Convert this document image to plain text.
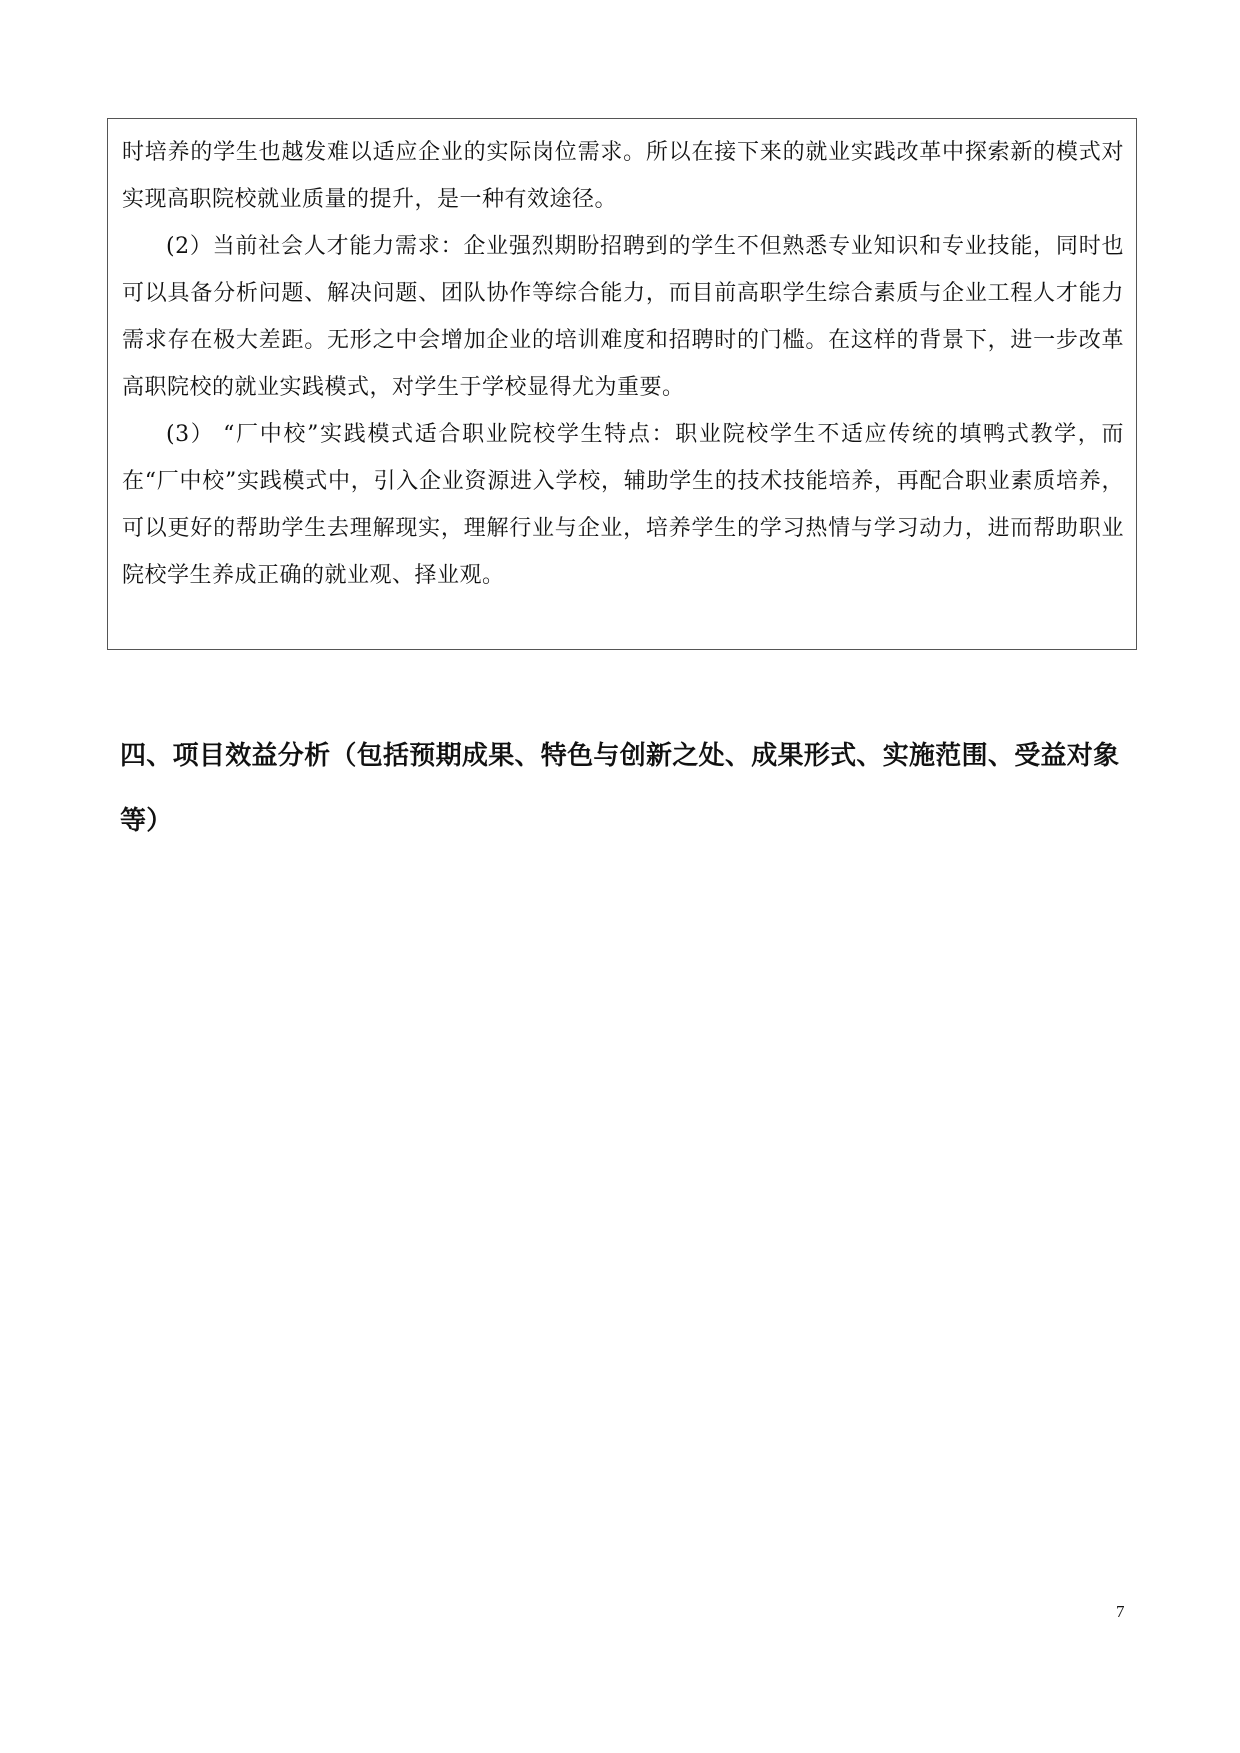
时培养的学生也越发难以适应企业的实际岗位需求。所以在接下来的就业实践改革中探索新的模式对实现高职院校就业质量的提升，是一种有效途径。

(2）当前社会人才能力需求：企业强烈期盼招聘到的学生不但熟悉专业知识和专业技能，同时也可以具备分析问题、解决问题、团队协作等综合能力，而目前高职学生综合素质与企业工程人才能力需求存在极大差距。无形之中会增加企业的培训难度和招聘时的门槛。在这样的背景下，进一步改革高职院校的就业实践模式，对学生于学校显得尤为重要。

(3） “厂中校”实践模式适合职业院校学生特点：职业院校学生不适应传统的填鸭式教学，而在“厂中校”实践模式中，引入企业资源进入学校，辅助学生的技术技能培养，再配合职业素质培养，可以更好的帮助学生去理解现实，理解行业与企业，培养学生的学习热情与学习动力，进而帮助职业院校学生养成正确的就业观、择业观。

四、项目效益分析（包括预期成果、特色与创新之处、成果形式、实施范围、受益对象等）
7
